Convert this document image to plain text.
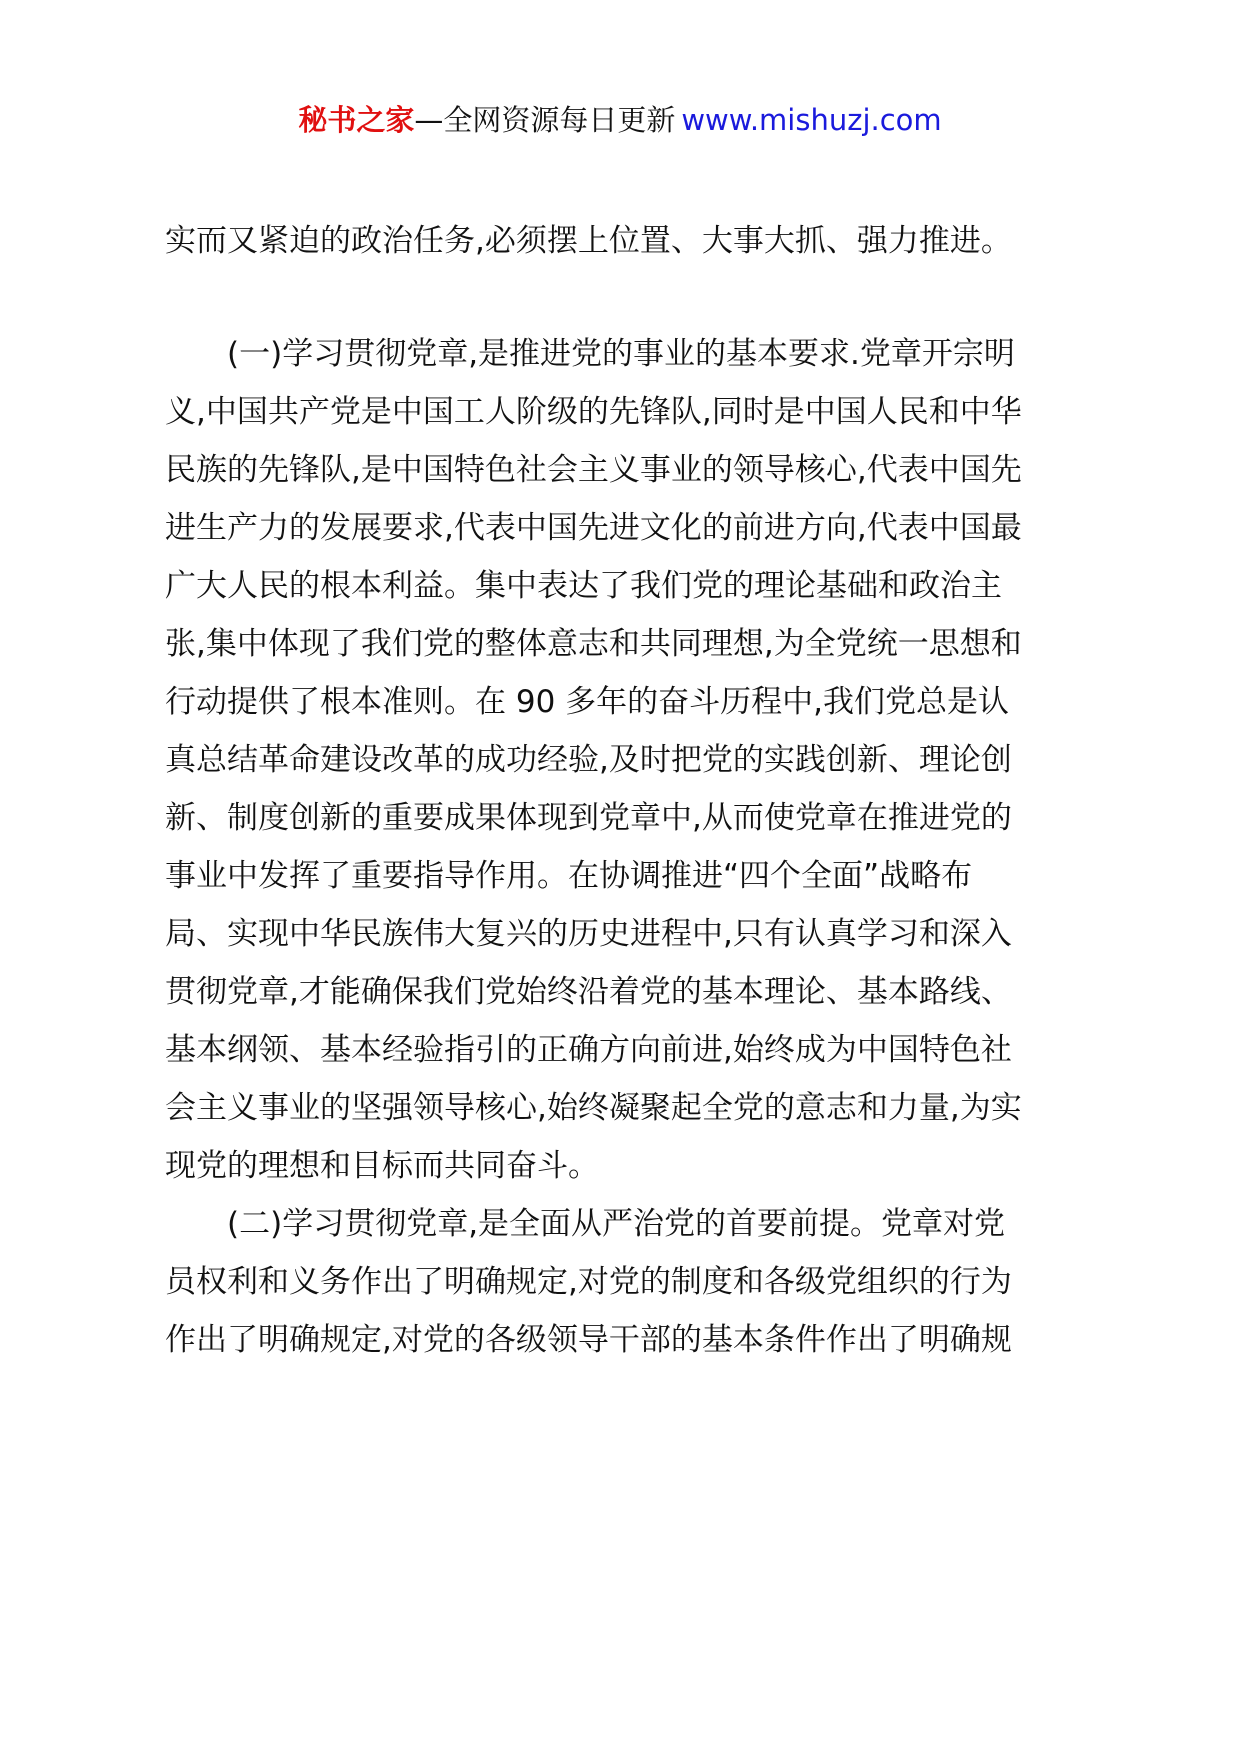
秘书之家—全网资源每日更新 www.mishuzj.com
实而又紧迫的政治任务,必须摆上位置、大事大抓、强力推进。
(一)学习贯彻党章,是推进党的事业的基本要求.党章开宗明
义,中国共产党是中国工人阶级的先锋队,同时是中国人民和中华
民族的先锋队,是中国特色社会主义事业的领导核心,代表中国先
进生产力的发展要求,代表中国先进文化的前进方向,代表中国最
广大人民的根本利益。集中表达了我们党的理论基础和政治主
张,集中体现了我们党的整体意志和共同理想,为全党统一思想和
行动提供了根本准则。在 90 多年的奋斗历程中,我们党总是认
真总结革命建设改革的成功经验,及时把党的实践创新、理论创
新、制度创新的重要成果体现到党章中,从而使党章在推进党的
事业中发挥了重要指导作用。在协调推进“四个全面”战略布
局、实现中华民族伟大复兴的历史进程中,只有认真学习和深入
贯彻党章,才能确保我们党始终沿着党的基本理论、基本路线、
基本纲领、基本经验指引的正确方向前进,始终成为中国特色社
会主义事业的坚强领导核心,始终凝聚起全党的意志和力量,为实
现党的理想和目标而共同奋斗。
(二)学习贯彻党章,是全面从严治党的首要前提。党章对党
员权利和义务作出了明确规定,对党的制度和各级党组织的行为
作出了明确规定,对党的各级领导干部的基本条件作出了明确规
